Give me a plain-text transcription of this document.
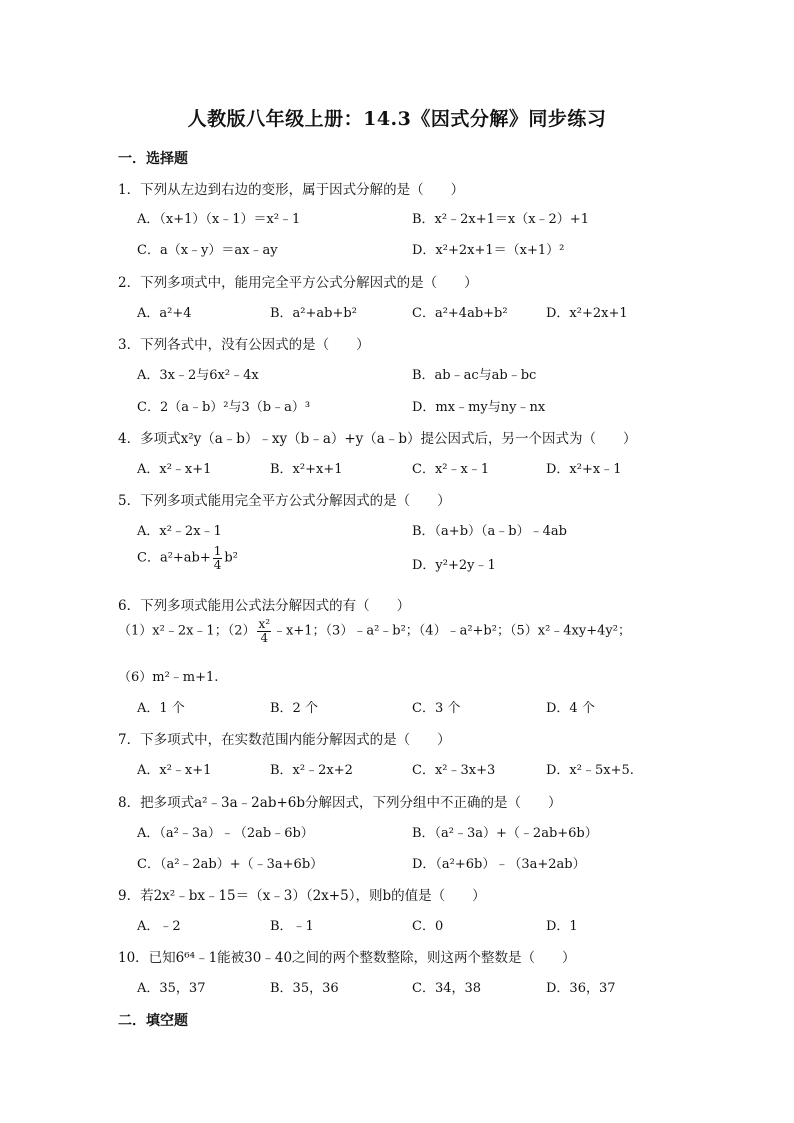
人教版八年级上册：14.3《因式分解》同步练习
一．选择题
1．下列从左边到右边的变形，属于因式分解的是（　　）
A．（x+1）（x﹣1）＝x²﹣1	B．x²﹣2x+1＝x（x﹣2）+1
C．a（x﹣y）＝ax﹣ay	D．x²+2x+1＝（x+1）²
2．下列多项式中，能用完全平方公式分解因式的是（　　）
A．a²+4	B．a²+ab+b²	C．a²+4ab+b²	D．x²+2x+1
3．下列各式中，没有公因式的是（　　）
A．3x﹣2与6x²﹣4x	B．ab﹣ac与ab﹣bc
C．2（a﹣b）²与3（b﹣a）³	D．mx﹣my与ny﹣nx
4．多项式x²y（a﹣b）﹣xy（b﹣a）+y（a﹣b）提公因式后，另一个因式为（　　）
A．x²﹣x+1	B．x²+x+1	C．x²﹣x﹣1	D．x²+x﹣1
5．下列多项式能用完全平方公式分解因式的是（　　）
A．x²﹣2x﹣1	B．（a+b）（a﹣b）﹣4ab
C．$a^2+ab+ \frac{1}{4} b^2$	D．y²+2y﹣1
6．下列多项式能用公式法分解因式的有（　　）
（1）x²﹣2x﹣1；$(2) \frac{\text{x²}}{4}$ ﹣x+1；（3）﹣a²﹣b²；（4）﹣a²+b²；（5）x²﹣4xy+4y²；
（6）m²﹣m+1.
A．1 个	B．2 个	C．3 个	D．4 个
7．下多项式中，在实数范围内能分解因式的是（　　）
A．x²﹣x+1	B．x²﹣2x+2	C．x²﹣3x+3	D．x²﹣5x+5.
8．把多项式a²﹣3a﹣2ab+6b分解因式，下列分组中不正确的是（　　）
A．（a²﹣3a）﹣（2ab﹣6b）	B．（a²﹣3a）+（﹣2ab+6b）
C．（a²﹣2ab）+（﹣3a+6b）	D．（a²+6b）﹣（3a+2ab）
9．若2x²﹣bx﹣15＝（x﹣3）（2x+5），则b的值是（　　）
A．﹣2	B．﹣1	C．0	D．1
10．已知6⁶⁴﹣1能被30﹣40之间的两个整数整除，则这两个整数是（　　）
A．35，37	B．35，36	C．34，38	D．36，37
二．填空题
